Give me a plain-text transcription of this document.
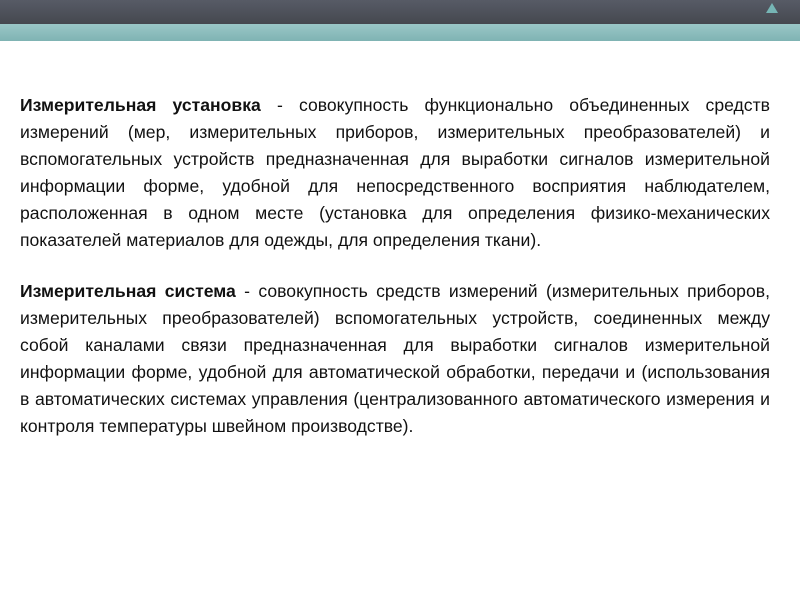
Измерительная установка - совокупность функционально объединенных средств измерений (мер, измерительных приборов, измерительных преобразователей) и вспомогательных устройств предназначенная для выработки сигналов измерительной информации форме, удобной для непосредственного восприятия наблюдателем, расположенная в одном месте (установка для определения физико-механических показателей материалов для одежды, для определения ткани).

Измерительная система - совокупность средств измерений (измерительных приборов, измерительных преобразователей) вспомогательных устройств, соединенных между собой каналами связи предназначенная для выработки сигналов измерительной информации форме, удобной для автоматической обработки, передачи и (использования в автоматических системах управления (централизованного автоматического измерения и контроля температуры швейном производстве).
